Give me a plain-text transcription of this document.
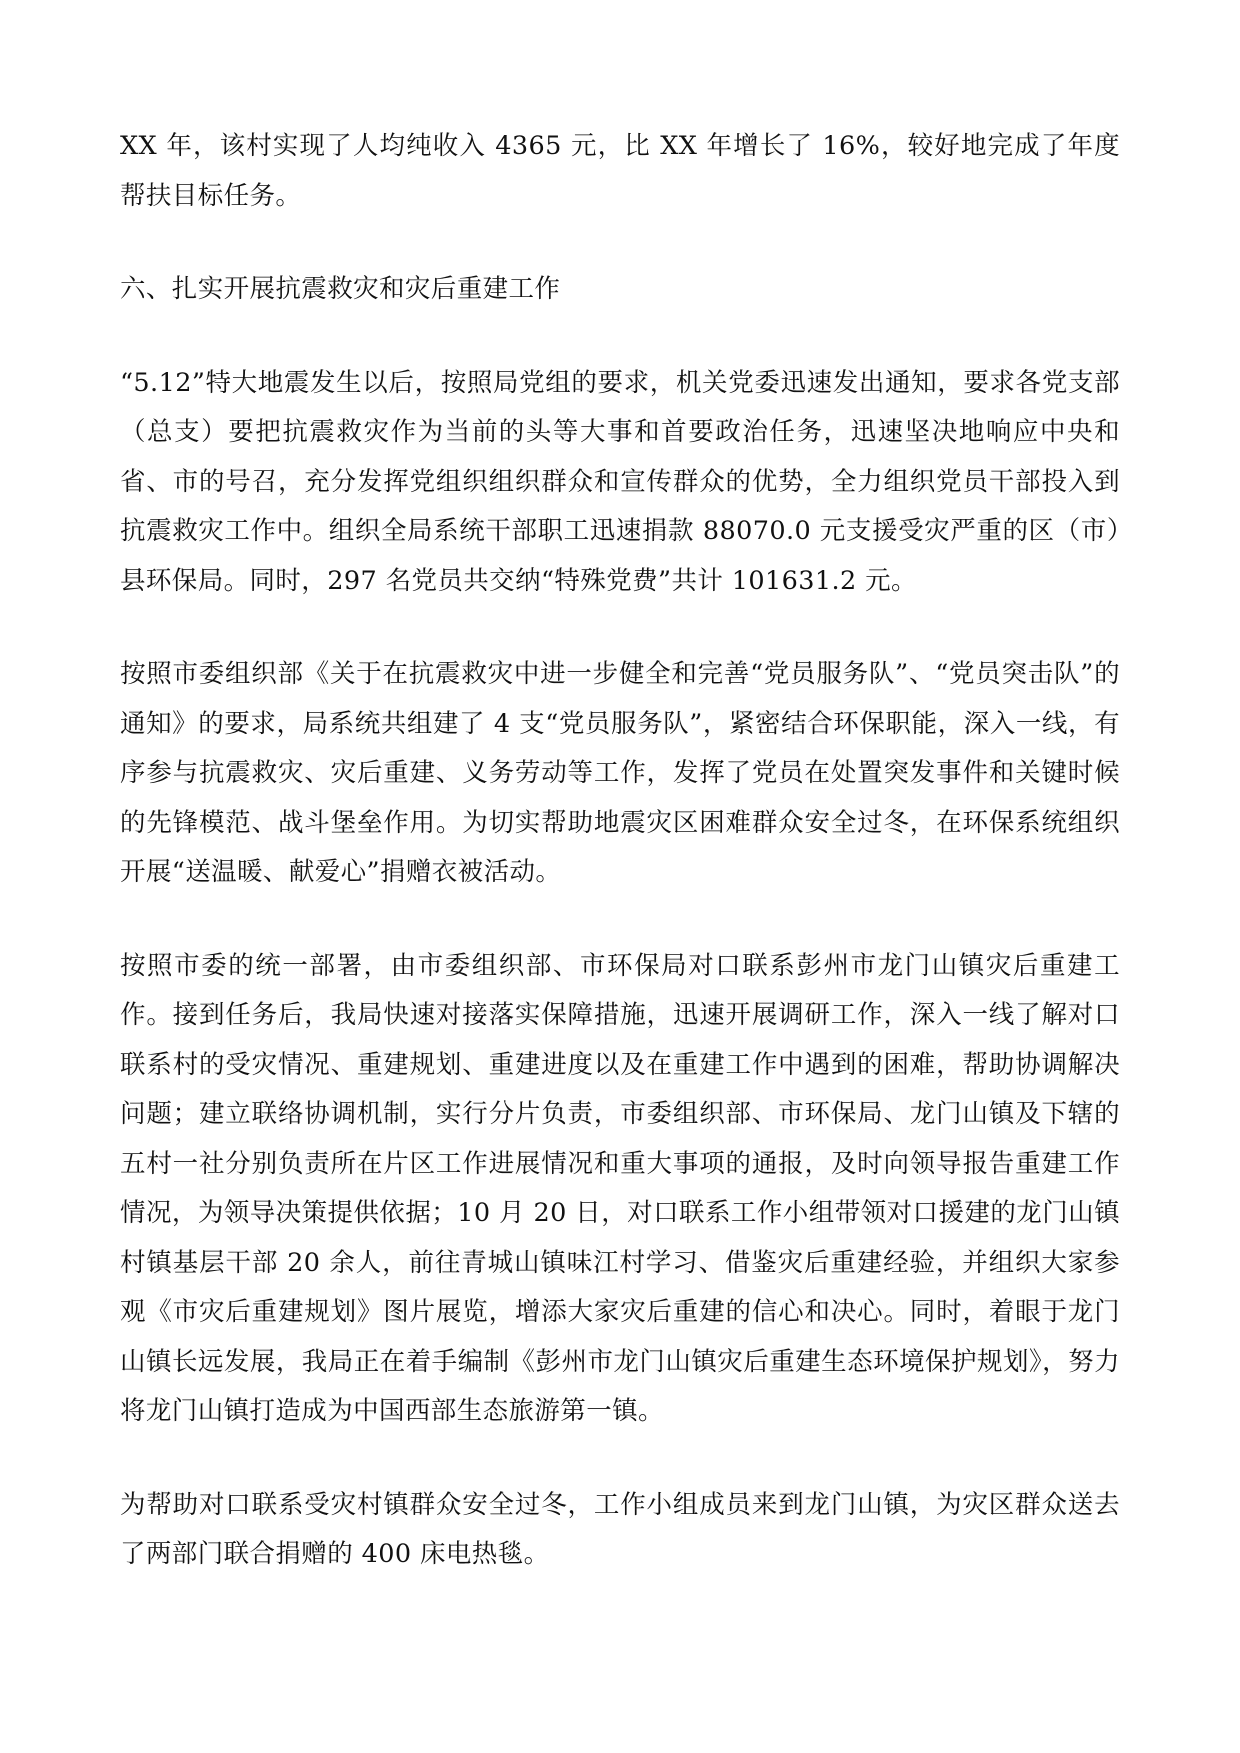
XX 年，该村实现了人均纯收入 4365 元，比 XX 年增长了 16%，较好地完成了年度帮扶目标任务。

六、扎实开展抗震救灾和灾后重建工作

“5.12”特大地震发生以后，按照局党组的要求，机关党委迅速发出通知，要求各党支部（总支）要把抗震救灾作为当前的头等大事和首要政治任务，迅速坚决地响应中央和省、市的号召，充分发挥党组织组织群众和宣传群众的优势，全力组织党员干部投入到抗震救灾工作中。组织全局系统干部职工迅速捐款 88070.0 元支援受灾严重的区（市）县环保局。同时，297 名党员共交纳“特殊党费”共计 101631.2 元。

按照市委组织部《关于在抗震救灾中进一步健全和完善“党员服务队”、“党员突击队”的通知》的要求，局系统共组建了 4 支“党员服务队”，紧密结合环保职能，深入一线，有序参与抗震救灾、灾后重建、义务劳动等工作，发挥了党员在处置突发事件和关键时候的先锋模范、战斗堡垒作用。为切实帮助地震灾区困难群众安全过冬，在环保系统组织开展“送温暖、献爱心”捐赠衣被活动。

按照市委的统一部署，由市委组织部、市环保局对口联系彭州市龙门山镇灾后重建工作。接到任务后，我局快速对接落实保障措施，迅速开展调研工作，深入一线了解对口联系村的受灾情况、重建规划、重建进度以及在重建工作中遇到的困难，帮助协调解决问题；建立联络协调机制，实行分片负责，市委组织部、市环保局、龙门山镇及下辖的五村一社分别负责所在片区工作进展情况和重大事项的通报，及时向领导报告重建工作情况，为领导决策提供依据；10 月 20 日，对口联系工作小组带领对口援建的龙门山镇村镇基层干部 20 余人，前往青城山镇味江村学习、借鉴灾后重建经验，并组织大家参观《市灾后重建规划》图片展览，增添大家灾后重建的信心和决心。同时，着眼于龙门山镇长远发展，我局正在着手编制《彭州市龙门山镇灾后重建生态环境保护规划》，努力将龙门山镇打造成为中国西部生态旅游第一镇。

为帮助对口联系受灾村镇群众安全过冬，工作小组成员来到龙门山镇，为灾区群众送去了两部门联合捐赠的 400 床电热毯。
